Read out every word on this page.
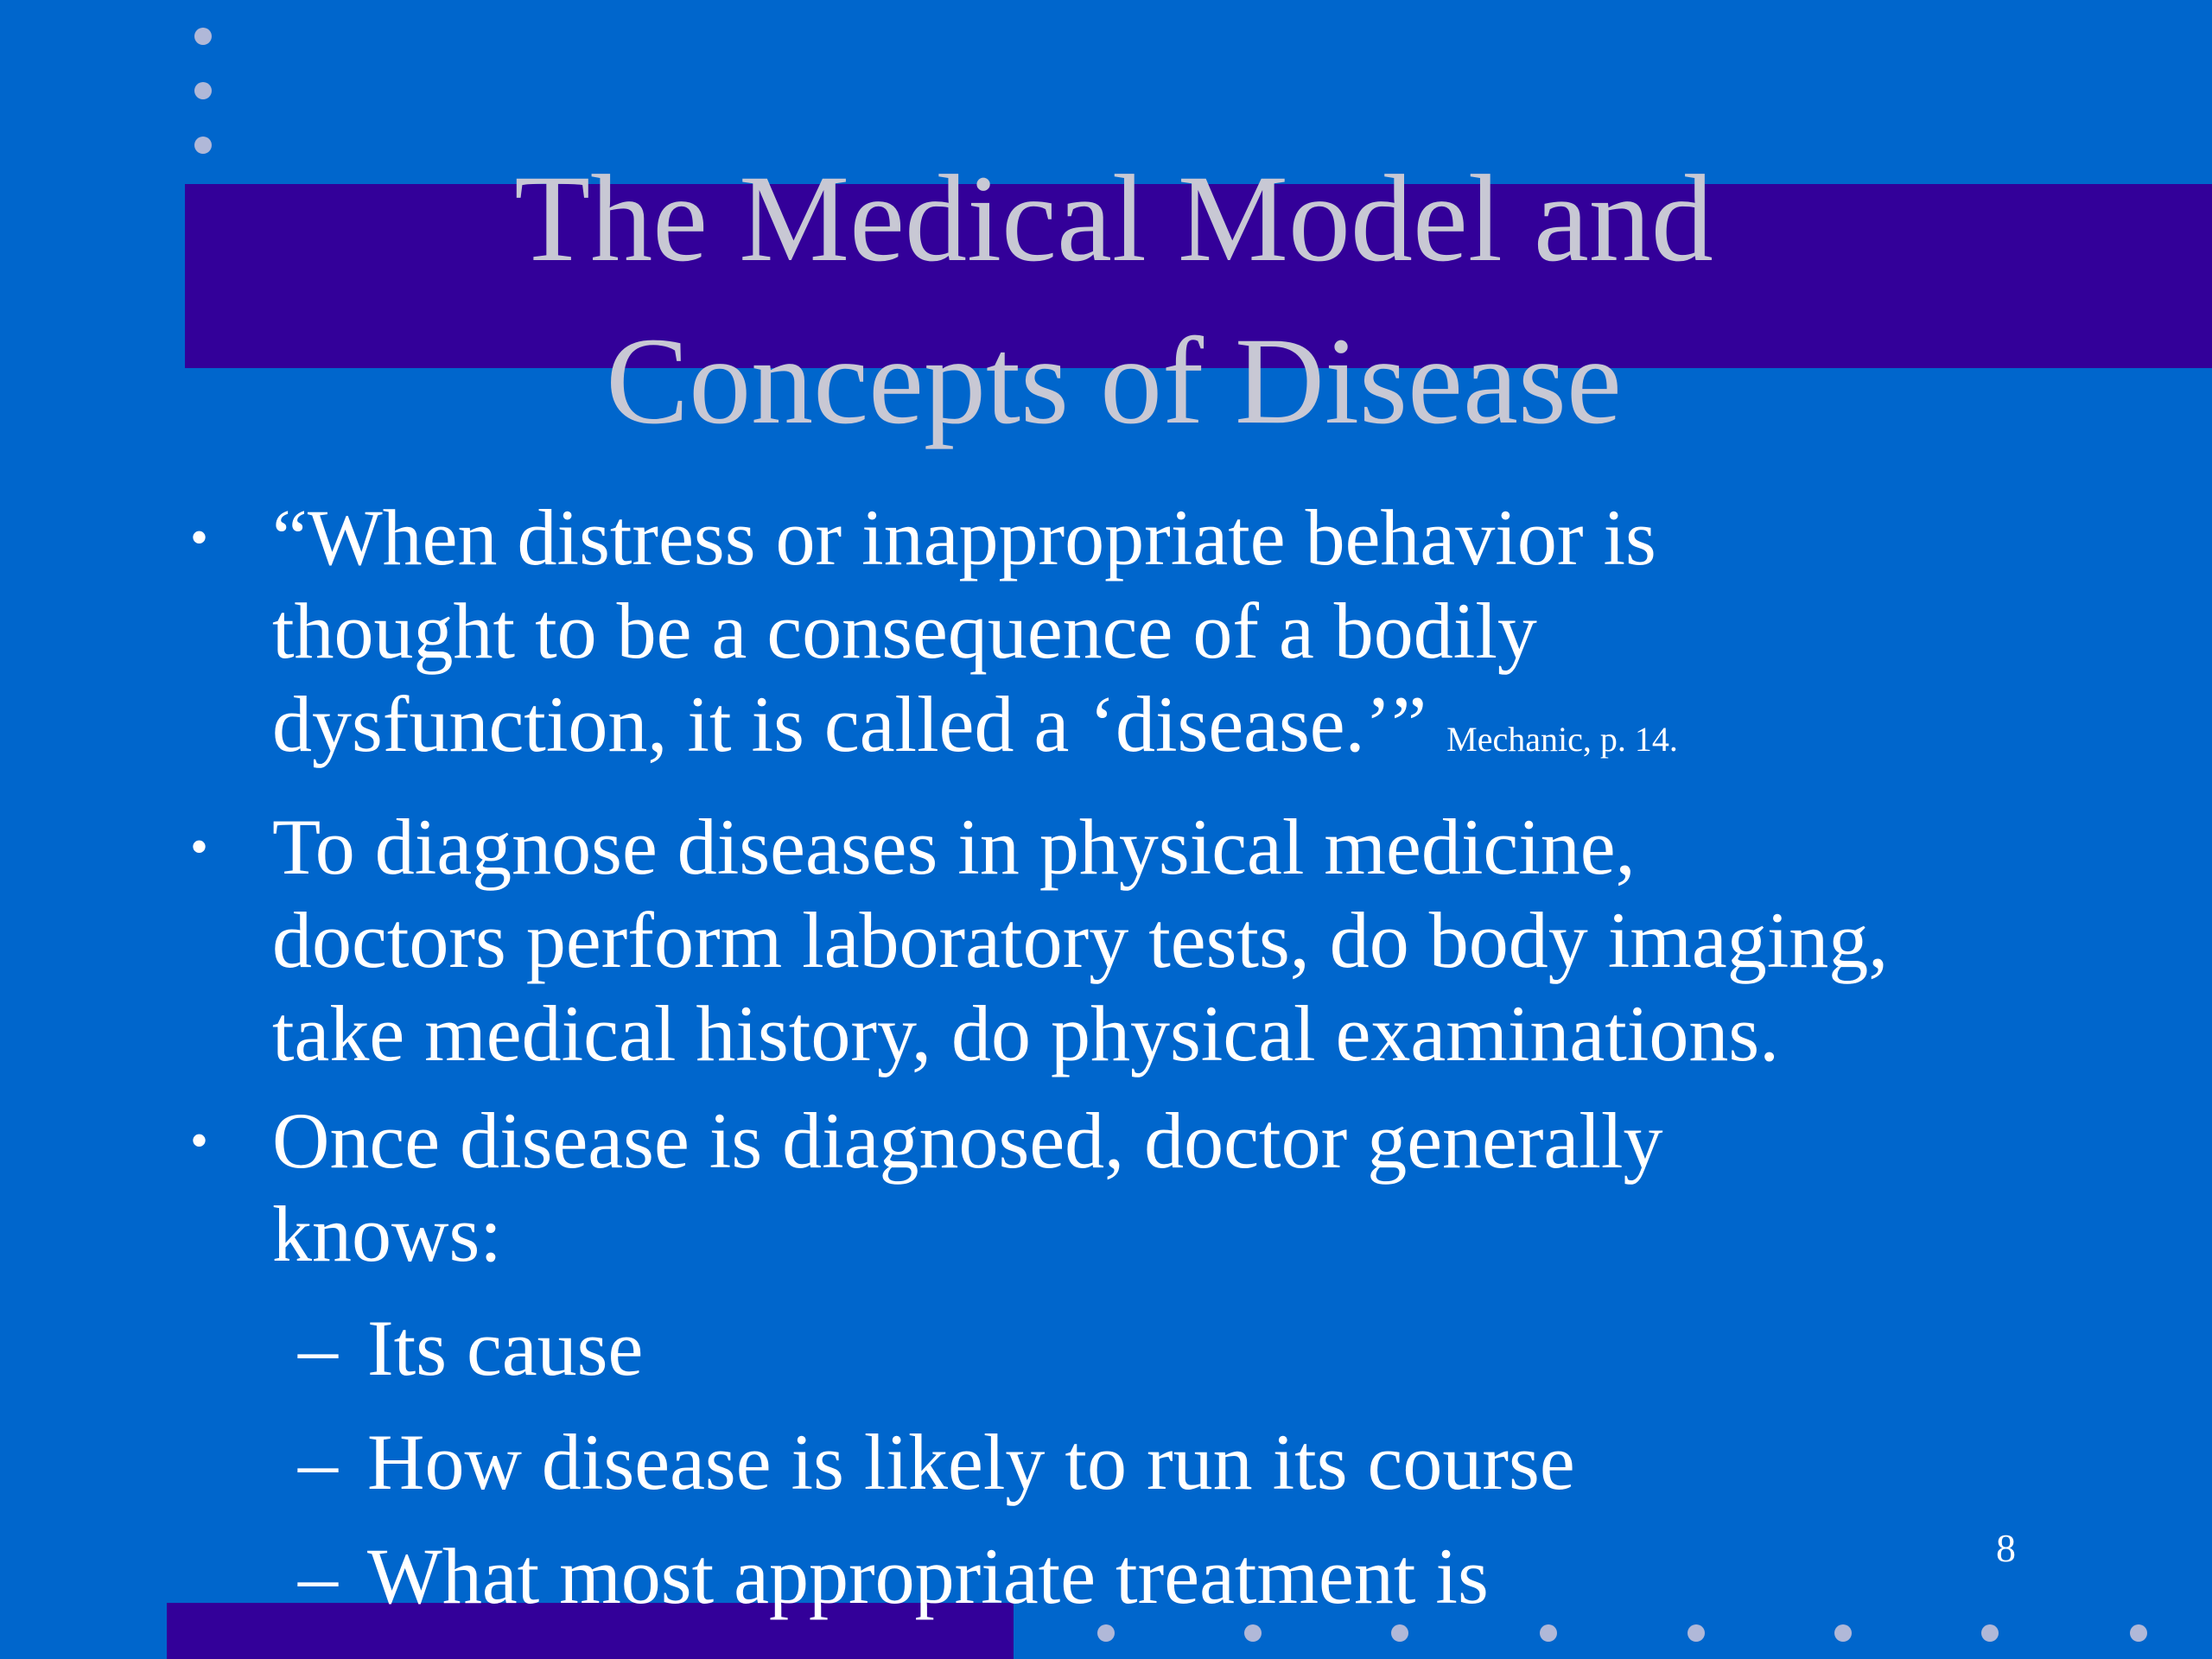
The Medical Model and
Concepts of Disease
• “When distress or inappropriate behavior is
thought to be a consequence of a bodily
dysfunction, it is called a ‘disease.’” Mechanic, p. 14.
• To diagnose diseases in physical medicine,
doctors perform laboratory tests, do body imaging,
take medical history, do physical examinations.
• Once disease is diagnosed, doctor generally
knows:
– Its cause
– How disease is likely to run its course
– What most appropriate treatment is	8
